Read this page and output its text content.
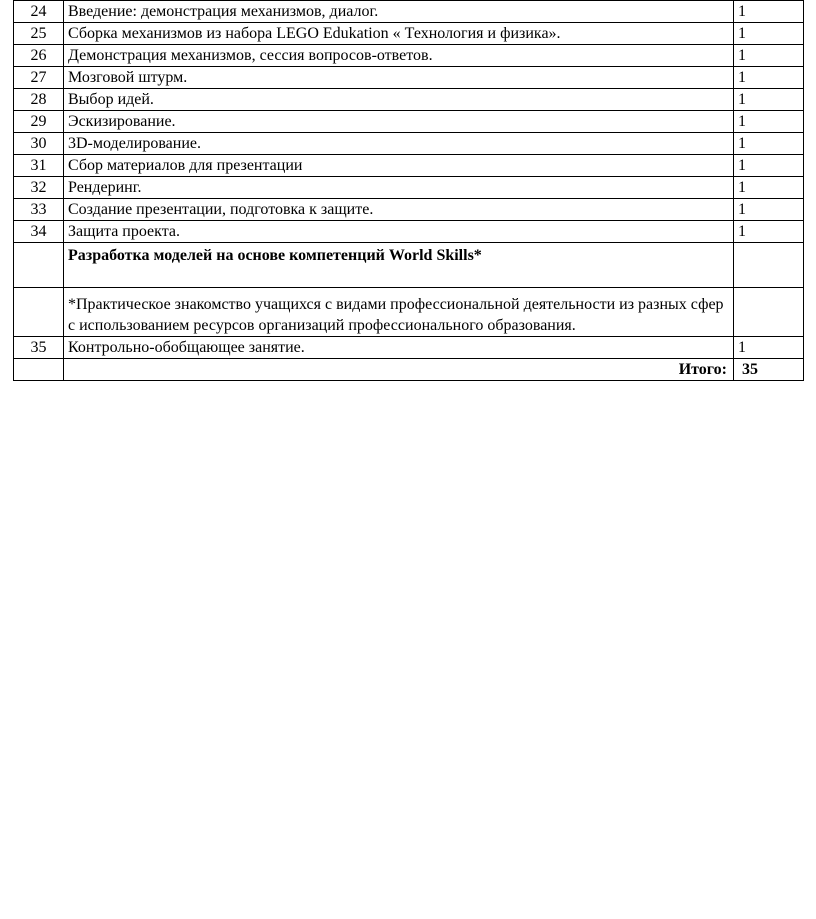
24	Введение: демонстрация механизмов, диалог.	1
25	Сборка механизмов из набора LEGO Edukation « Технология и физика».	1
26	Демонстрация механизмов, сессия вопросов-ответов.	1
27	Мозговой штурм.	1
28	Выбор идей.	1
29	Эскизирование.	1
30	3D-моделирование.	1
31	Сбор материалов для презентации	1
32	Рендеринг.	1
33	Создание презентации, подготовка к защите.	1
34	Защита проекта.	1
	Разработка моделей на основе компетенций World Skills*	
	*Практическое знакомство учащихся с видами профессиональной деятельности из разных сфер с использованием ресурсов организаций профессионального образования.	
35	Контрольно-обобщающее занятие.	1
	Итого:	35
